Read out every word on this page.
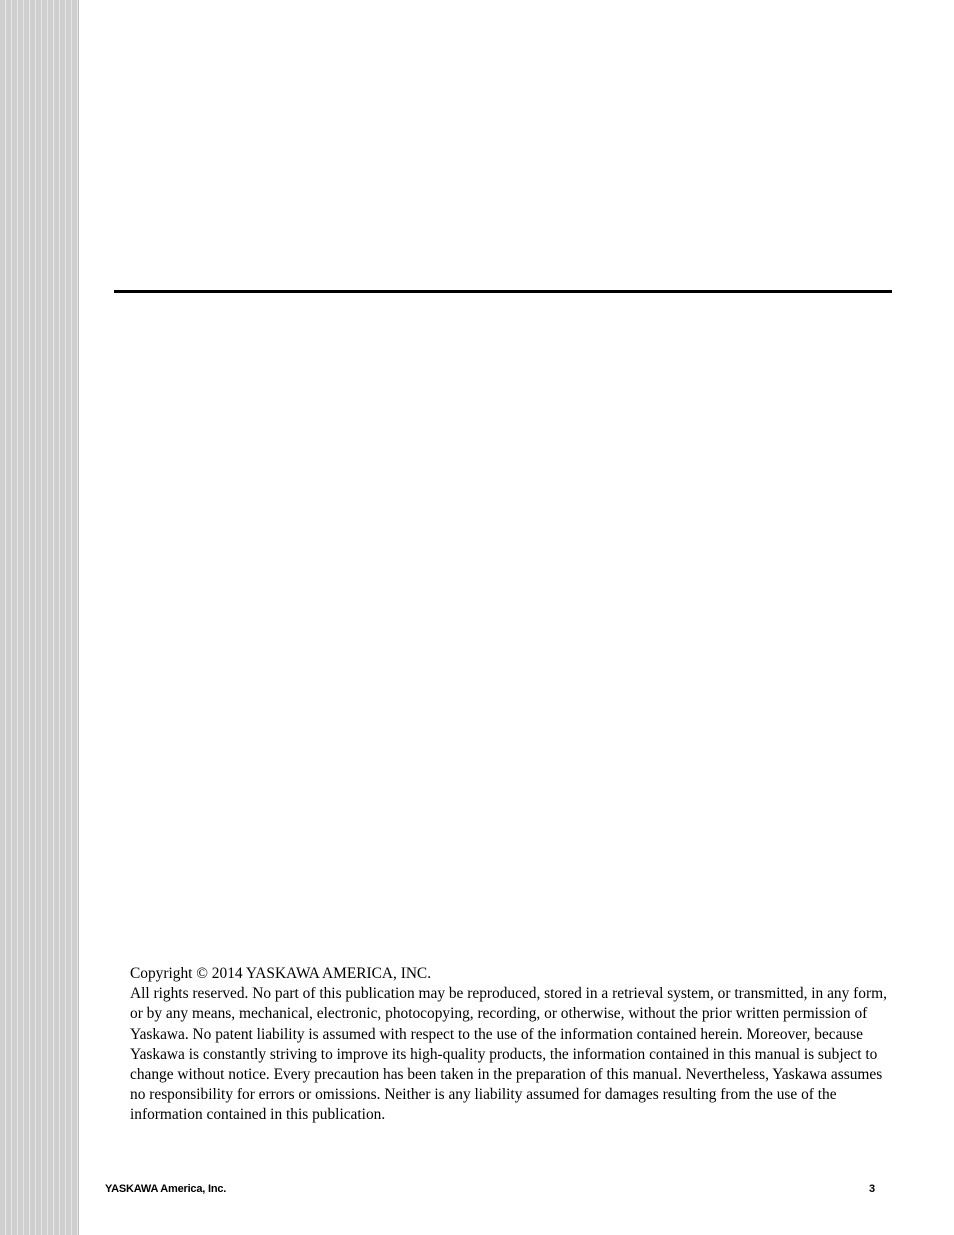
Copyright © 2014 YASKAWA AMERICA, INC.

All rights reserved. No part of this publication may be reproduced, stored in a retrieval system, or transmitted, in any form, or by any means, mechanical, electronic, photocopying, recording, or otherwise, without the prior written permission of Yaskawa. No patent liability is assumed with respect to the use of the information contained herein. Moreover, because Yaskawa is constantly striving to improve its high-quality products, the information contained in this manual is subject to change without notice. Every precaution has been taken in the preparation of this manual. Nevertheless, Yaskawa assumes no responsibility for errors or omissions. Neither is any liability assumed for damages resulting from the use of the information contained in this publication.

YASKAWA America, Inc.	3
